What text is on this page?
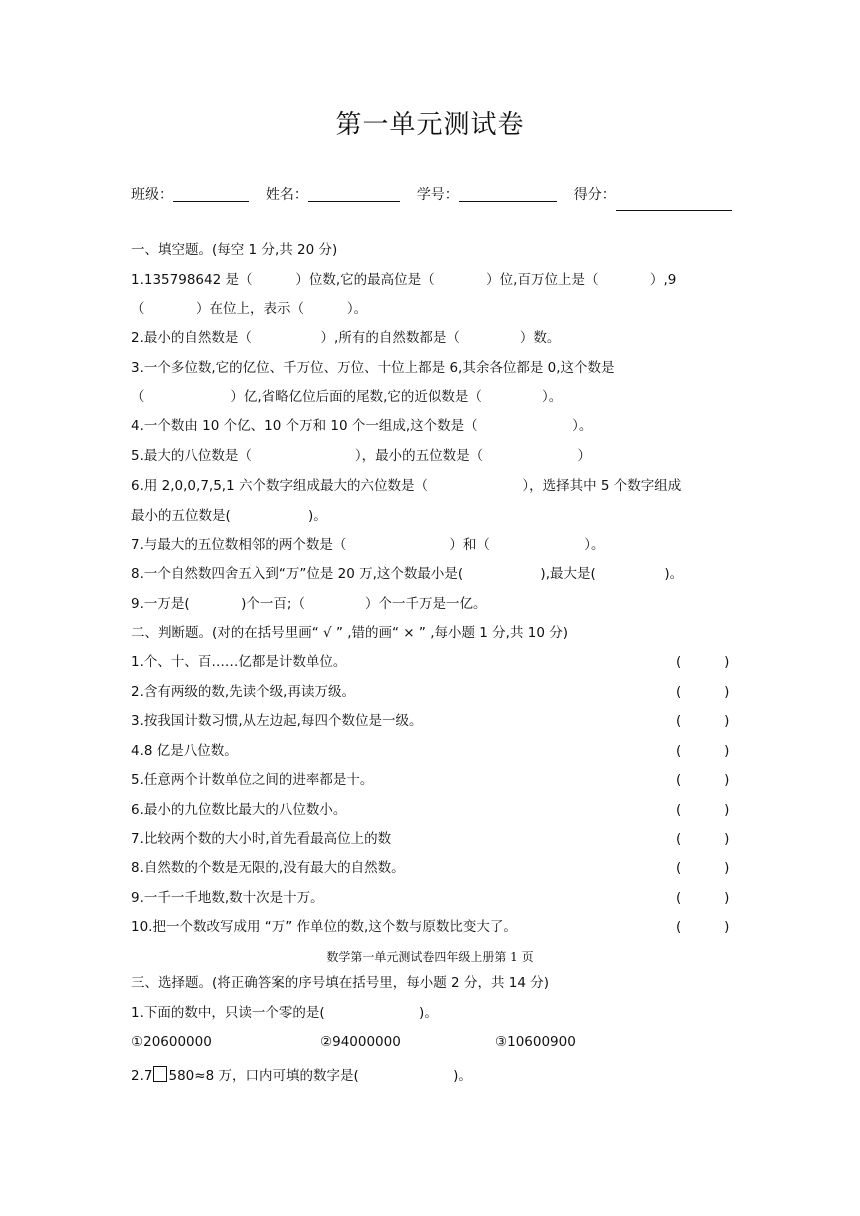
第一单元测试卷
班级：	姓名：	学号：	得分：
一、填空题。(每空 1 分,共 20 分)
1.135798642 是（          ）位数,它的最高位是（            ）位,百万位上是（            ）,9
（            ）在位上，表示（          ）。
2.最小的自然数是（                ）,所有的自然数都是（              ）数。
3.一个多位数,它的亿位、千万位、万位、十位上都是 6,其余各位都是 0,这个数是
（                    ）亿,省略亿位后面的尾数,它的近似数是（              ）。
4.一个数由 10 个亿、10 个万和 10 个一组成,这个数是（                      ）。
5.最大的八位数是（                        ），最小的五位数是（                      ）
6.用 2,0,0,7,5,1 六个数字组成最大的六位数是（                      ），选择其中 5 个数字组成
最小的五位数是(                  )。
7.与最大的五位数相邻的两个数是（                        ）和（                      ）。
8.一个自然数四舍五入到“万”位是 20 万,这个数最小是(                  ),最大是(                )。
9.一万是(            )个一百;（              ）个一千万是一亿。
二、判断题。(对的在括号里画“ √ ” ,错的画“ × ” ,每小题 1 分,共 10 分)
1.个、十、百……亿都是计数单位。	(          )
2.含有两级的数,先读个级,再读万级。	(          )
3.按我国计数习惯,从左边起,每四个数位是一级。	(          )
4.8 亿是八位数。	(          )
5.任意两个计数单位之间的进率都是十。	(          )
6.最小的九位数比最大的八位数小。	(          )
7.比较两个数的大小时,首先看最高位上的数	(          )
8.自然数的个数是无限的,没有最大的自然数。	(          )
9.一千一千地数,数十次是十万。	(          )
10.把一个数改写成用 “万” 作单位的数,这个数与原数比变大了。	(          )
数学第一单元测试卷四年级上册第 1 页
三、选择题。(将正确答案的序号填在括号里，每小题 2 分，共 14 分)
1.下面的数中，只读一个零的是(                      )。
①20600000	②94000000	③10600900
2.7 580≈8 万，口内可填的数字是(                      )。
